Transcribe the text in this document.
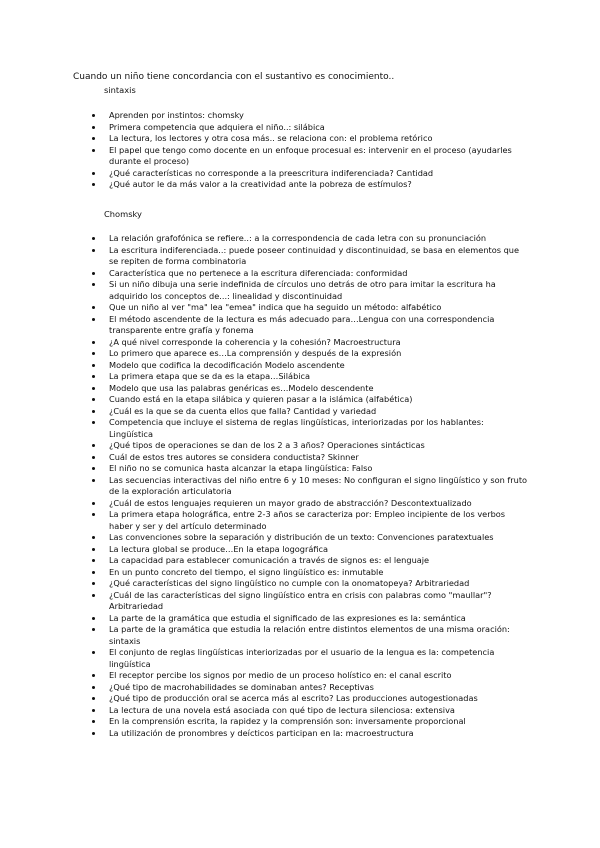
Cuando un niño tiene concordancia con el sustantivo es conocimiento..
sintaxis
Aprenden por instintos: chomsky
Primera competencia que adquiera el niño..: silábica
La lectura, los lectores y otra cosa más.. se relaciona con: el problema retórico
El papel que tengo como docente en un enfoque procesual es: intervenir en el proceso (ayudarles durante el proceso)
¿Qué características no corresponde a la preescritura indiferenciada? Cantidad
¿Qué autor le da más valor a la creatividad ante la pobreza de estímulos?
Chomsky
La relación grafofónica se refiere..: a la correspondencia de cada letra con su pronunciación
La escritura indiferenciada..: puede poseer continuidad y discontinuidad, se basa en elementos que se repiten de forma combinatoria
Característica que no pertenece a la escritura diferenciada: conformidad
Si un niño dibuja una serie indefinida de círculos uno detrás de otro para imitar la escritura ha adquirido los conceptos de...: linealidad y discontinuidad
Que un niño al ver "ma" lea "emea" indica que ha seguido un método: alfabético
El método ascendente de la lectura es más adecuado para…Lengua con una correspondencia transparente entre grafía y fonema
¿A qué nivel corresponde la coherencia y la cohesión? Macroestructura
Lo primero que aparece es…La comprensión y después de la expresión
Modelo que codifica la decodificación Modelo ascendente
La primera etapa que se da es la etapa…Silábica
Modelo que usa las palabras genéricas es…Modelo descendente
Cuando está en la etapa silábica y quieren pasar a la islámica (alfabética)
¿Cuál es la que se da cuenta ellos que falla? Cantidad y variedad
Competencia que incluye el sistema de reglas lingüísticas, interiorizadas por los hablantes: Lingüística
¿Qué tipos de operaciones se dan de los 2 a 3 años? Operaciones sintácticas
Cuál de estos tres autores se considera conductista? Skinner
El niño no se comunica hasta alcanzar la etapa lingüística: Falso
Las secuencias interactivas del niño entre 6 y 10 meses: No configuran el signo lingüístico y son fruto de la exploración articulatoria
¿Cuál de estos lenguajes requieren un mayor grado de abstracción? Descontextualizado
La primera etapa holográfica, entre 2-3 años se caracteriza por: Empleo incipiente de los verbos haber y ser y del artículo determinado
Las convenciones sobre la separación y distribución de un texto: Convenciones paratextuales
La lectura global se produce…En la etapa logográfica
La capacidad para establecer comunicación a través de signos es: el lenguaje
En un punto concreto del tiempo, el signo lingüístico es: inmutable
¿Qué características del signo lingüístico no cumple con la onomatopeya? Arbitrariedad
¿Cuál de las características del signo lingüístico entra en crisis con palabras como "maullar"? Arbitrariedad
La parte de la gramática que estudia el significado de las expresiones es la: semántica
La parte de la gramática que estudia la relación entre distintos elementos de una misma oración: sintaxis
El conjunto de reglas lingüísticas interiorizadas por el usuario de la lengua es la: competencia lingüística
El receptor percibe los signos por medio de un proceso holístico en: el canal escrito
¿Qué tipo de macrohabilidades se dominaban antes? Receptivas
¿Qué tipo de producción oral se acerca más al escrito? Las producciones autogestionadas
La lectura de una novela está asociada con qué tipo de lectura silenciosa: extensiva
En la comprensión escrita, la rapidez y la comprensión son: inversamente proporcional
La utilización de pronombres y deícticos participan en la: macroestructura
